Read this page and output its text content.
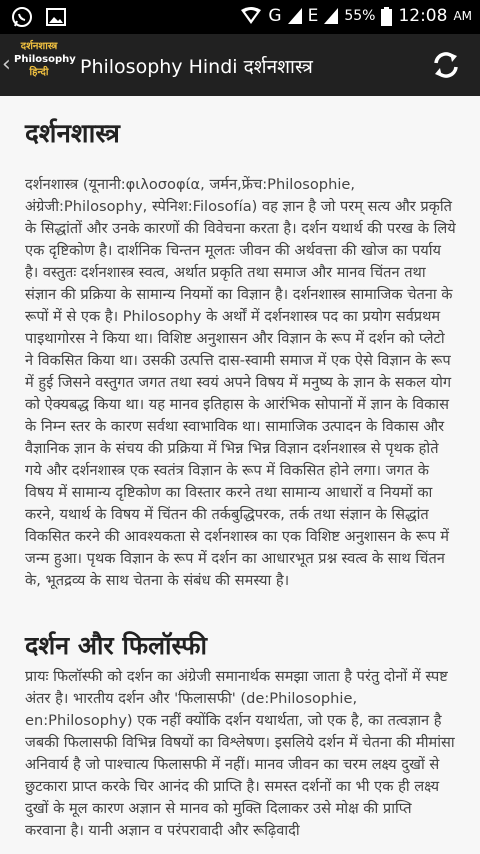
G E 55% 12:08 AM
‹
दर्शनशास्त्र
Philosophy
हिन्दी	Philosophy Hindi दर्शनशास्त्र
दर्शनशास्त्र

दर्शनशास्त्र (यूनानी:φιλοσοφία, जर्मन,फ्रेंच:Philosophie, अंग्रेजी:Philosophy, स्पेनिश:Filosofía) वह ज्ञान है जो परम् सत्य और प्रकृति के सिद्धांतों और उनके कारणों की विवेचना करता है। दर्शन यथार्थ की परख के लिये एक दृष्टिकोण है। दार्शनिक चिन्तन मूलतः जीवन की अर्थवत्ता की खोज का पर्याय है। वस्तुतः दर्शनशास्त्र स्वत्व, अर्थात प्रकृति तथा समाज और मानव चिंतन तथा संज्ञान की प्रक्रिया के सामान्य नियमों का विज्ञान है। दर्शनशास्त्र सामाजिक चेतना के रूपों में से एक है। Philosophy के अर्थों में दर्शनशास्त्र पद का प्रयोग सर्वप्रथम पाइथागोरस ने किया था। विशिष्ट अनुशासन और विज्ञान के रूप में दर्शन को प्लेटो ने विकसित किया था। उसकी उत्पत्ति दास-स्वामी समाज में एक ऐसे विज्ञान के रूप में हुई जिसने वस्तुगत जगत तथा स्वयं अपने विषय में मनुष्य के ज्ञान के सकल योग को ऐक्यबद्ध किया था। यह मानव इतिहास के आरंभिक सोपानों में ज्ञान के विकास के निम्न स्तर के कारण सर्वथा स्वाभाविक था। सामाजिक उत्पादन के विकास और वैज्ञानिक ज्ञान के संचय की प्रक्रिया में भिन्न भिन्न विज्ञान दर्शनशास्त्र से पृथक होते गये और दर्शनशास्त्र एक स्वतंत्र विज्ञान के रूप में विकसित होने लगा। जगत के विषय में सामान्य दृष्टिकोण का विस्तार करने तथा सामान्य आधारों व नियमों का करने, यथार्थ के विषय में चिंतन की तर्कबुद्धिपरक, तर्क तथा संज्ञान के सिद्धांत विकसित करने की आवश्यकता से दर्शनशास्त्र का एक विशिष्ट अनुशासन के रूप में जन्म हुआ। पृथक विज्ञान के रूप में दर्शन का आधारभूत प्रश्न स्वत्व के साथ चिंतन के, भूतद्रव्य के साथ चेतना के संबंध की समस्या है।

दर्शन और फिलॉस्फी

प्रायः फिलॉस्फी को दर्शन का अंग्रेजी समानार्थक समझा जाता है परंतु दोनों में स्पष्ट अंतर है। भारतीय दर्शन और 'फिलासफी' (de:Philosophie, en:Philosophy) एक नहीं क्योंकि दर्शन यथार्थता, जो एक है, का तत्वज्ञान है जबकी फिलासफी विभिन्न विषयों का विश्लेषण। इसलिये दर्शन में चेतना की मीमांसा अनिवार्य है जो पाश्चात्य फिलासफी में नहीं। मानव जीवन का चरम लक्ष्य दुखों से छुटकारा प्राप्त करके चिर आनंद की प्राप्ति है। समस्त दर्शनों का भी एक ही लक्ष्य दुखों के मूल कारण अज्ञान से मानव को मुक्ति दिलाकर उसे मोक्ष की प्राप्ति करवाना है। यानी अज्ञान व परंपरावादी और रूढ़िवादी
